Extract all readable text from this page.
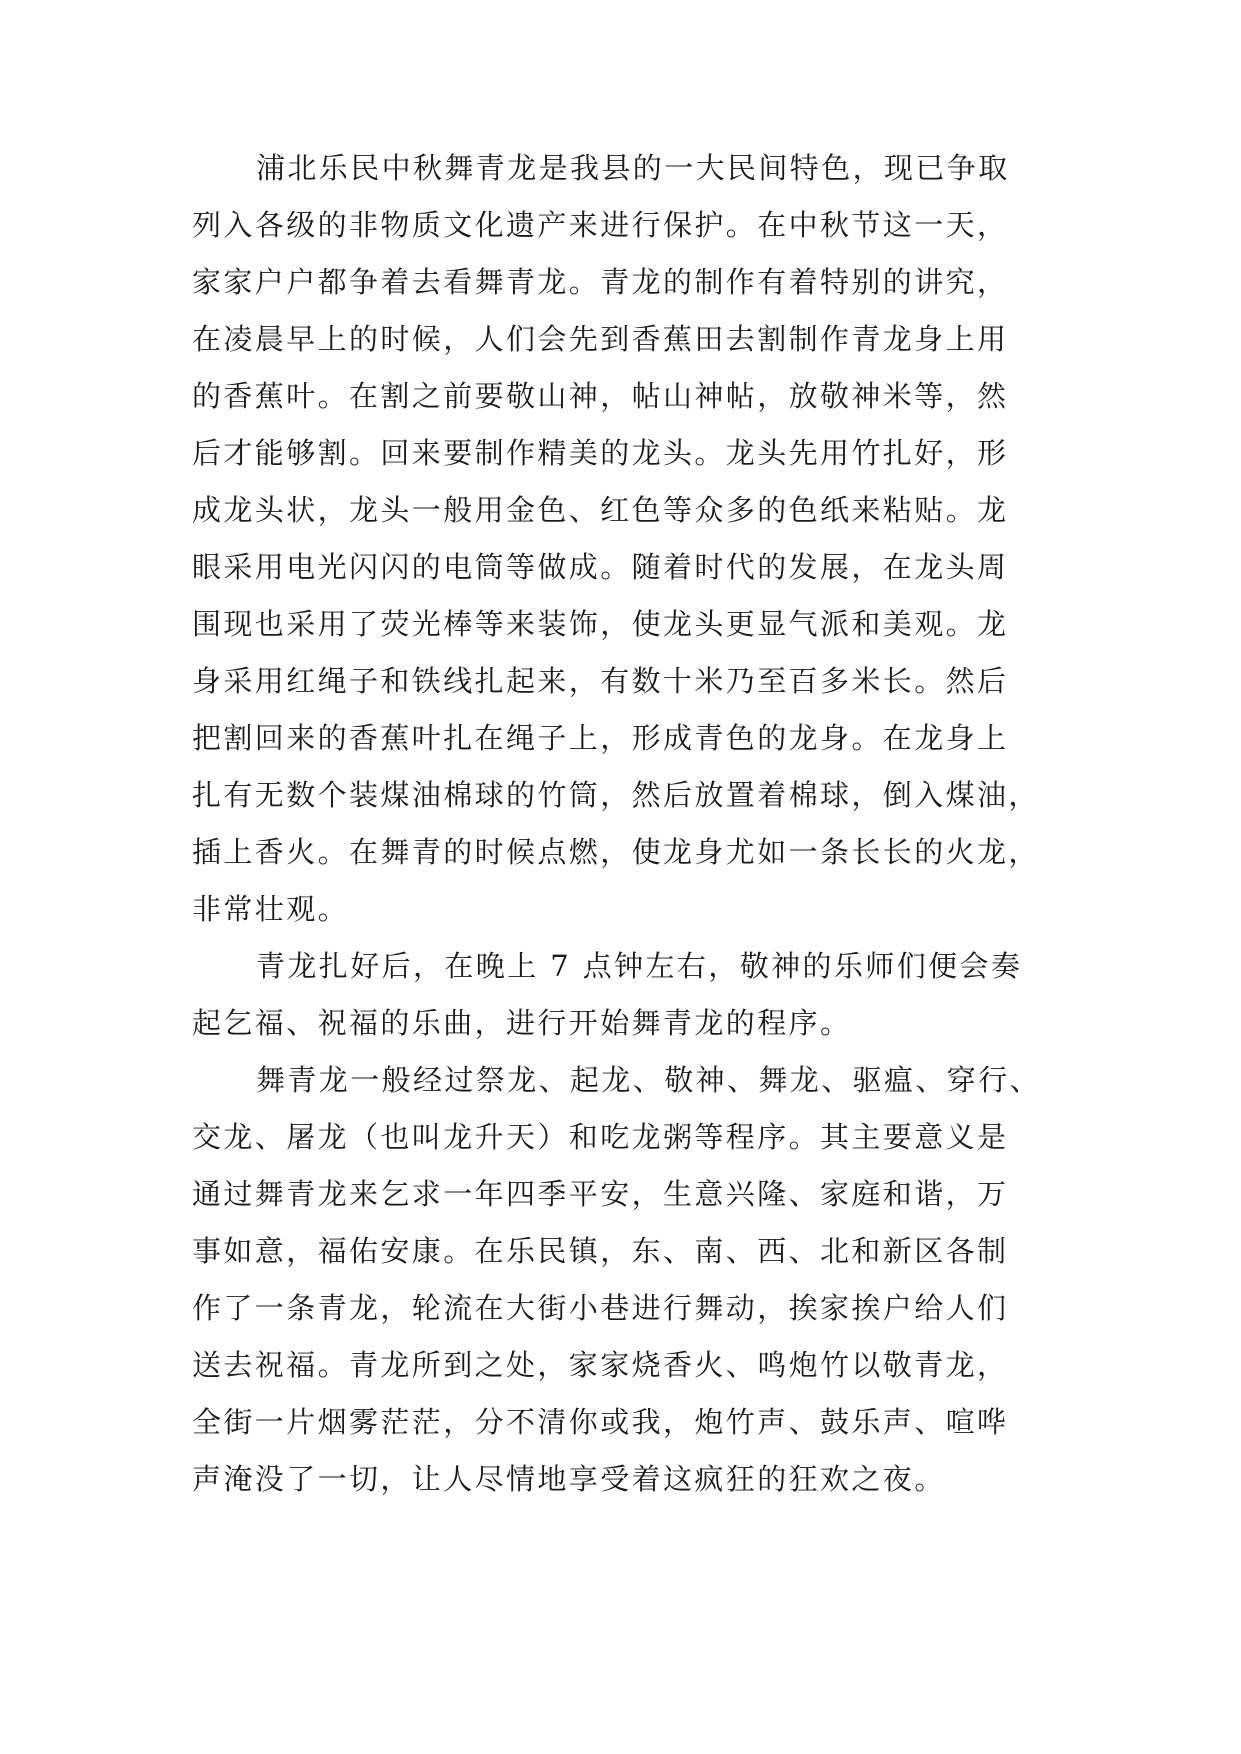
浦北乐民中秋舞青龙是我县的一大民间特色，现已争取
列入各级的非物质文化遗产来进行保护。在中秋节这一天，
家家户户都争着去看舞青龙。青龙的制作有着特别的讲究，
在凌晨早上的时候，人们会先到香蕉田去割制作青龙身上用
的香蕉叶。在割之前要敬山神，帖山神帖，放敬神米等，然
后才能够割。回来要制作精美的龙头。龙头先用竹扎好，形
成龙头状，龙头一般用金色、红色等众多的色纸来粘贴。龙
眼采用电光闪闪的电筒等做成。随着时代的发展，在龙头周
围现也采用了荧光棒等来装饰，使龙头更显气派和美观。龙
身采用红绳子和铁线扎起来，有数十米乃至百多米长。然后
把割回来的香蕉叶扎在绳子上，形成青色的龙身。在龙身上
扎有无数个装煤油棉球的竹筒，然后放置着棉球，倒入煤油，
插上香火。在舞青的时候点燃，使龙身尤如一条长长的火龙，
非常壮观。
青龙扎好后，在晚上 7 点钟左右，敬神的乐师们便会奏
起乞福、祝福的乐曲，进行开始舞青龙的程序。
舞青龙一般经过祭龙、起龙、敬神、舞龙、驱瘟、穿行、
交龙、屠龙（也叫龙升天）和吃龙粥等程序。其主要意义是
通过舞青龙来乞求一年四季平安，生意兴隆、家庭和谐，万
事如意，福佑安康。在乐民镇，东、南、西、北和新区各制
作了一条青龙，轮流在大街小巷进行舞动，挨家挨户给人们
送去祝福。青龙所到之处，家家烧香火、鸣炮竹以敬青龙，
全街一片烟雾茫茫，分不清你或我，炮竹声、鼓乐声、喧哗
声淹没了一切，让人尽情地享受着这疯狂的狂欢之夜。
